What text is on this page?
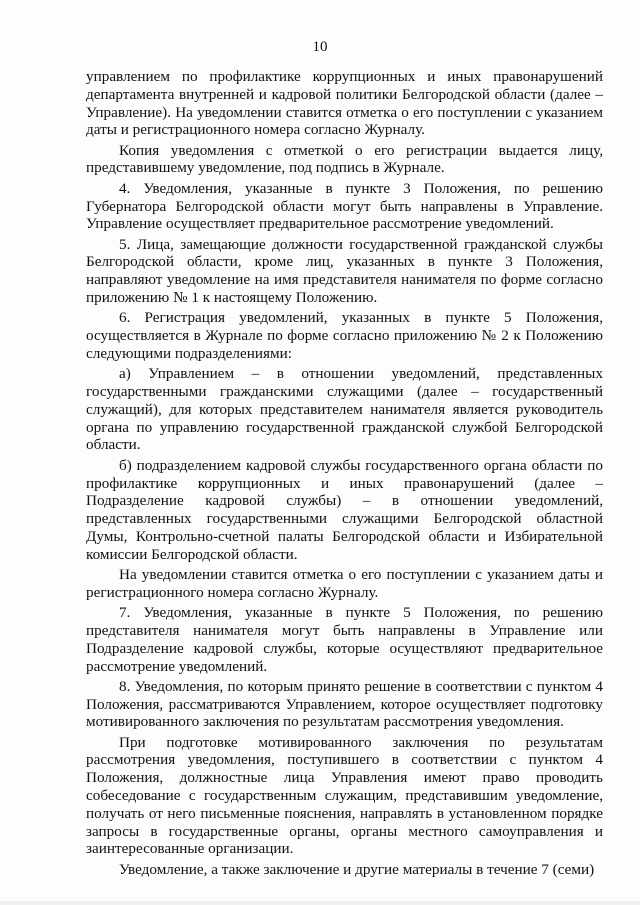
10

управлением по профилактике коррупционных и иных правонарушений департамента внутренней и кадровой политики Белгородской области (далее – Управление). На уведомлении ставится отметка о его поступлении с указанием даты и регистрационного номера согласно Журналу.

Копия уведомления с отметкой о его регистрации выдается лицу, представившему уведомление, под подпись в Журнале.

4. Уведомления, указанные в пункте 3 Положения, по решению Губернатора Белгородской области могут быть направлены в Управление. Управление осуществляет предварительное рассмотрение уведомлений.

5. Лица, замещающие должности государственной гражданской службы Белгородской области, кроме лиц, указанных в пункте 3 Положения, направляют уведомление на имя представителя нанимателя по форме согласно приложению № 1 к настоящему Положению.

6. Регистрация уведомлений, указанных в пункте 5 Положения, осуществляется в Журнале по форме согласно приложению № 2 к Положению следующими подразделениями:

а) Управлением – в отношении уведомлений, представленных государственными гражданскими служащими (далее – государственный служащий), для которых представителем нанимателя является руководитель органа по управлению государственной гражданской службой Белгородской области.

б) подразделением кадровой службы государственного органа области по профилактике коррупционных и иных правонарушений (далее – Подразделение кадровой службы) – в отношении уведомлений, представленных государственными служащими Белгородской областной Думы, Контрольно-счетной палаты Белгородской области и Избирательной комиссии Белгородской области.

На уведомлении ставится отметка о его поступлении с указанием даты и регистрационного номера согласно Журналу.

7. Уведомления, указанные в пункте 5 Положения, по решению представителя нанимателя могут быть направлены в Управление или Подразделение кадровой службы, которые осуществляют предварительное рассмотрение уведомлений.

8. Уведомления, по которым принято решение в соответствии с пунктом 4 Положения, рассматриваются Управлением, которое осуществляет подготовку мотивированного заключения по результатам рассмотрения уведомления.

При подготовке мотивированного заключения по результатам рассмотрения уведомления, поступившего в соответствии с пунктом 4 Положения, должностные лица Управления имеют право проводить собеседование с государственным служащим, представившим уведомление, получать от него письменные пояснения, направлять в установленном порядке запросы в государственные органы, органы местного самоуправления и заинтересованные организации.

Уведомление, а также заключение и другие материалы в течение 7 (семи)
